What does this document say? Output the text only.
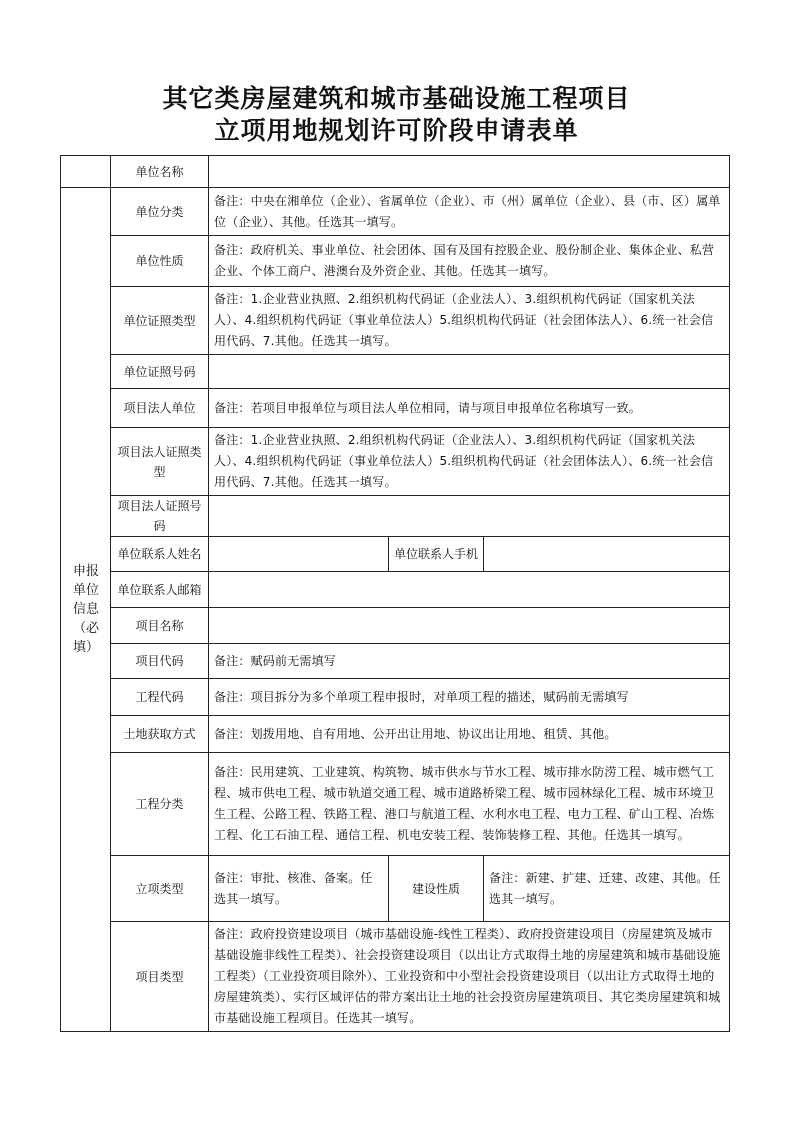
其它类房屋建筑和城市基础设施工程项目
立项用地规划许可阶段申请表单
	单位名称			

申报单位信息（必填）	单位分类	备注：中央在湘单位（企业）、省属单位（企业）、市（州）属单位（企业）、县（市、区）属单位（企业）、其他。任选其一填写。		
	单位性质	备注：政府机关、事业单位、社会团体、国有及国有控股企业、股份制企业、集体企业、私营企业、个体工商户、港澳台及外资企业、其他。任选其一填写。		
	单位证照类型	备注：1.企业营业执照、2.组织机构代码证（企业法人）、3.组织机构代码证（国家机关法人）、4.组织机构代码证（事业单位法人）5.组织机构代码证（社会团体法人）、6.统一社会信用代码、7.其他。任选其一填写。		
	单位证照号码			
	项目法人单位	备注：若项目申报单位与项目法人单位相同，请与项目申报单位名称填写一致。		
	项目法人证照类型	备注：1.企业营业执照、2.组织机构代码证（企业法人）、3.组织机构代码证（国家机关法人）、4.组织机构代码证（事业单位法人）5.组织机构代码证（社会团体法人）、6.统一社会信用代码、7.其他。任选其一填写。		
	项目法人证照号码			
	单位联系人姓名		单位联系人手机	
	单位联系人邮箱			
	项目名称			
	项目代码	备注：赋码前无需填写		
	工程代码	备注：项目拆分为多个单项工程申报时，对单项工程的描述，赋码前无需填写		
	土地获取方式	备注：划拨用地、自有用地、公开出让用地、协议出让用地、租赁、其他。		
	工程分类	备注：民用建筑、工业建筑、构筑物、城市供水与节水工程、城市排水防涝工程、城市燃气工程、城市供电工程、城市轨道交通工程、城市道路桥梁工程、城市园林绿化工程、城市环境卫生工程、公路工程、铁路工程、港口与航道工程、水利水电工程、电力工程、矿山工程、冶炼工程、化工石油工程、通信工程、机电安装工程、装饰装修工程、其他。任选其一填写。		
	立项类型	备注：审批、核准、备案。任选其一填写。	建设性质	备注：新建、扩建、迁建、改建、其他。任选其一填写。
	项目类型	备注：政府投资建设项目（城市基础设施-线性工程类）、政府投资建设项目（房屋建筑及城市基础设施非线性工程类）、社会投资建设项目（以出让方式取得土地的房屋建筑和城市基础设施工程类）（工业投资项目除外）、工业投资和中小型社会投资建设项目（以出让方式取得土地的房屋建筑类）、实行区域评估的带方案出让土地的社会投资房屋建筑项目、其它类房屋建筑和城市基础设施工程项目。任选其一填写。		
